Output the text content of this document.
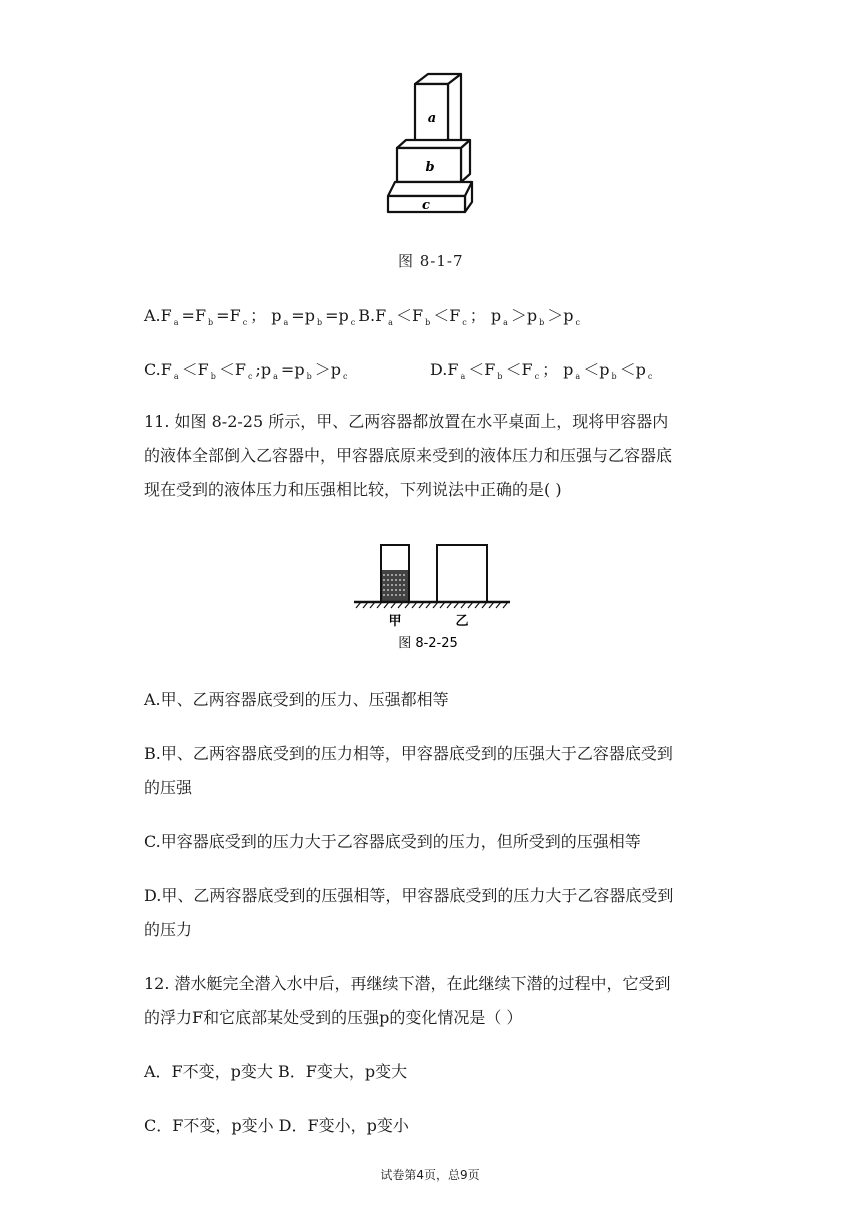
a
b
c
图 8-1-7
A.F $_a$ =F $_b$ =F $_c$ ； p $_a$ =p $_b$ =p $_c$ B.F $_a$ ＜F $_b$ ＜F $_c$ ； p $_a$ ＞p $_b$ ＞p $_c$
C.F $_a$ ＜F $_b$ ＜F $_c$ ;p $_a$ =p $_b$ ＞p $_c$	D.F $_a$ ＜F $_b$ ＜F $_c$ ； p $_a$ ＜p $_b$ ＜p $_c$
11. 如图 8-2-25 所示，甲、乙两容器都放置在水平桌面上，现将甲容器内
的液体全部倒入乙容器中，甲容器底原来受到的液体压力和压强与乙容器底
现在受到的液体压力和压强相比较，下列说法中正确的是( )
甲	乙
图 8-2-25
A.甲、乙两容器底受到的压力、压强都相等
B.甲、乙两容器底受到的压力相等，甲容器底受到的压强大于乙容器底受到
的压强
C.甲容器底受到的压力大于乙容器底受到的压力，但所受到的压强相等
D.甲、乙两容器底受到的压强相等，甲容器底受到的压力大于乙容器底受到
的压力
12. 潜水艇完全潜入水中后，再继续下潜，在此继续下潜的过程中，它受到
的浮力F和它底部某处受到的压强p的变化情况是（ ）
A．F不变，p变大 B．F变大，p变大
C．F不变，p变小 D．F变小，p变小
试卷第4页，总9页
